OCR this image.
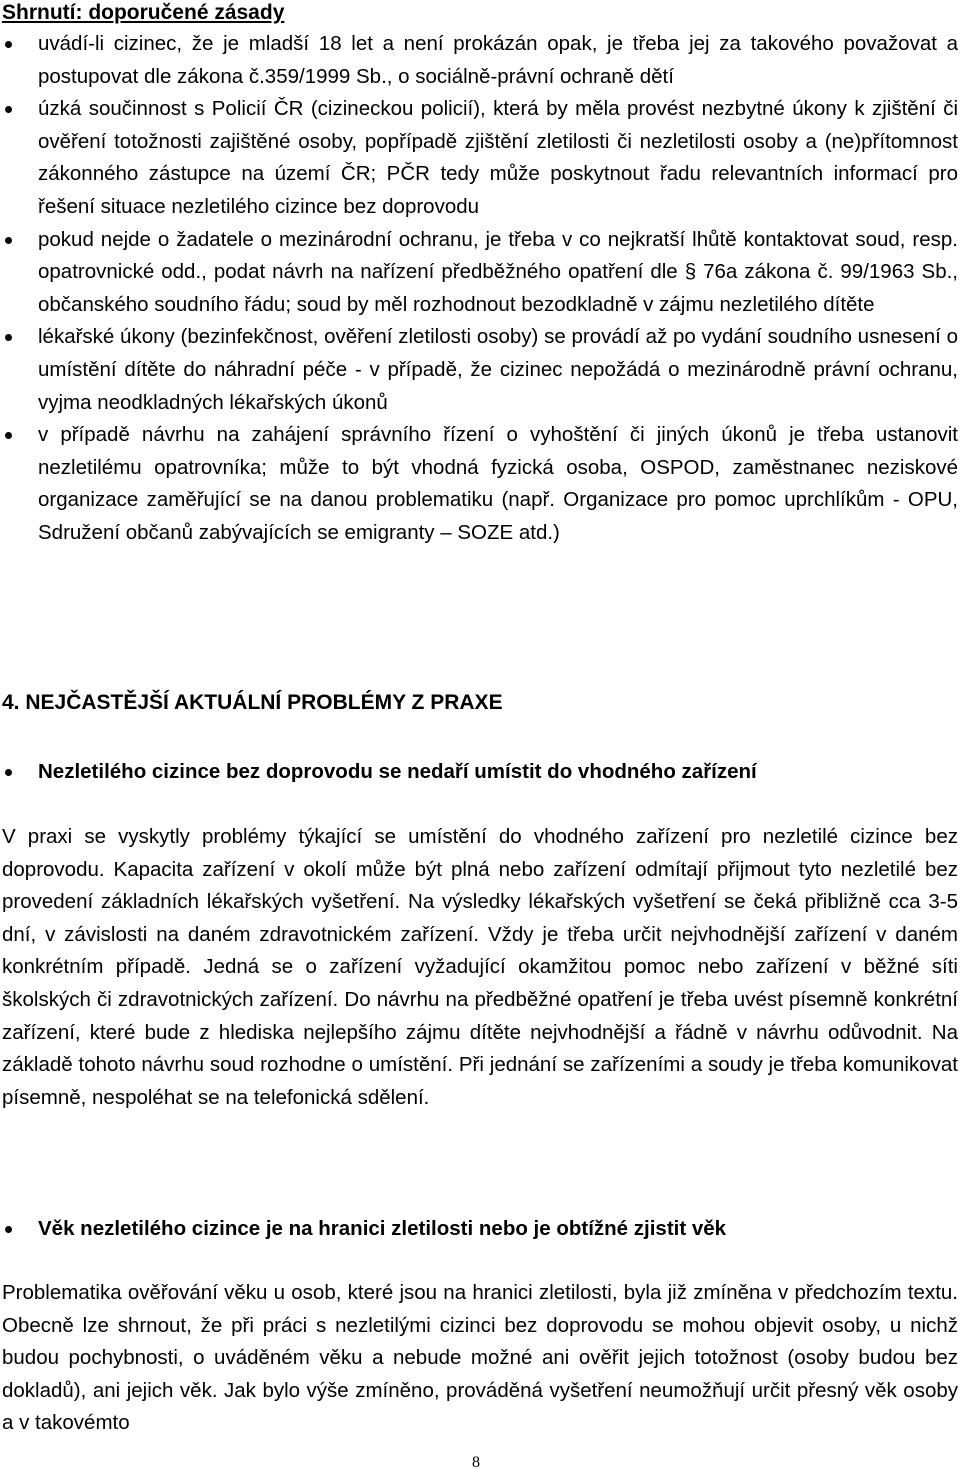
Shrnutí: doporučené zásady
uvádí-li cizinec, že je mladší 18 let a není prokázán opak, je třeba jej za takového považovat a postupovat dle zákona č.359/1999 Sb., o sociálně-právní ochraně dětí
úzká součinnost s Policií ČR (cizineckou policií), která by měla provést nezbytné úkony k zjištění či ověření totožnosti zajištěné osoby, popřípadě zjištění zletilosti či nezletilosti osoby a (ne)přítomnost zákonného zástupce na území ČR; PČR tedy může poskytnout řadu relevantních informací pro řešení situace nezletilého cizince bez doprovodu
pokud nejde o žadatele o mezinárodní ochranu, je třeba v co nejkratší lhůtě kontaktovat soud, resp. opatrovnické odd., podat návrh na nařízení předběžného opatření dle § 76a zákona č. 99/1963 Sb., občanského soudního řádu; soud by měl rozhodnout bezodkladně v zájmu nezletilého dítěte
lékařské úkony (bezinfekčnost, ověření zletilosti osoby) se provádí až po vydání soudního usnesení o umístění dítěte do náhradní péče - v případě, že cizinec nepožádá o mezinárodně právní ochranu, vyjma neodkladných lékařských úkonů
v případě návrhu na zahájení správního řízení o vyhoštění či jiných úkonů je třeba ustanovit nezletilému opatrovníka; může to být vhodná fyzická osoba, OSPOD, zaměstnanec neziskové organizace zaměřující se na danou problematiku (např. Organizace pro pomoc uprchlíkům - OPU, Sdružení občanů zabývajících se emigranty – SOZE atd.)
4. NEJČASTĚJŠÍ AKTUÁLNÍ PROBLÉMY Z PRAXE
Nezletilého cizince bez doprovodu se nedaří umístit do vhodného zařízení
V praxi se vyskytly problémy týkající se umístění do vhodného zařízení pro nezletilé cizince bez doprovodu. Kapacita zařízení v okolí může být plná nebo zařízení odmítají přijmout tyto nezletilé bez provedení základních lékařských vyšetření. Na výsledky lékařských vyšetření se čeká přibližně cca 3-5 dní, v závislosti na daném zdravotnickém zařízení. Vždy je třeba určit nejvhodnější zařízení v daném konkrétním případě. Jedná se o zařízení vyžadující okamžitou pomoc nebo zařízení v běžné síti školských či zdravotnických zařízení. Do návrhu na předběžné opatření je třeba uvést písemně konkrétní zařízení, které bude z hlediska nejlepšího zájmu dítěte nejvhodnější a řádně v návrhu odůvodnit. Na základě tohoto návrhu soud rozhodne o umístění. Při jednání se zařízeními a soudy je třeba komunikovat písemně, nespoléhat se na telefonická sdělení.
Věk nezletilého cizince je na hranici zletilosti nebo je obtížné zjistit věk
Problematika ověřování věku u osob, které jsou na hranici zletilosti, byla již zmíněna v předchozím textu. Obecně lze shrnout, že při práci s nezletilými cizinci bez doprovodu se mohou objevit osoby, u nichž budou pochybnosti, o uváděném věku a nebude možné ani ověřit jejich totožnost (osoby budou bez dokladů), ani jejich věk. Jak bylo výše zmíněno, prováděná vyšetření neumožňují určit přesný věk osoby a v takovémto
8
